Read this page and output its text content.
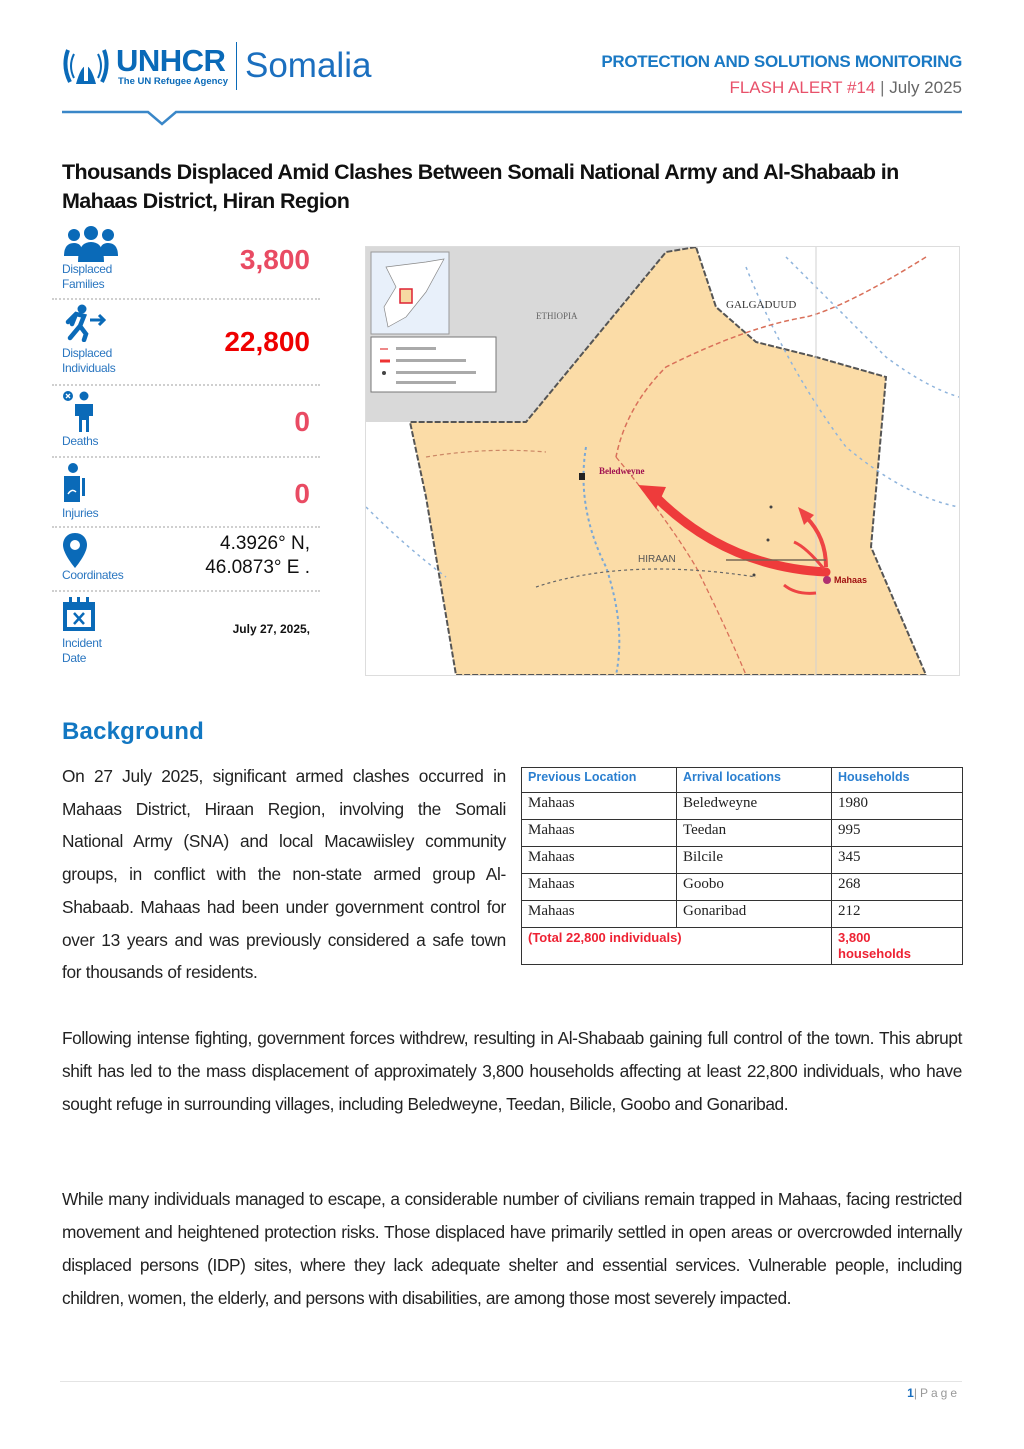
UNHCR
The UN Refugee Agency Somalia	PROTECTION AND SOLUTIONS MONITORING
FLASH ALERT #14 | July 2025
Thousands Displaced Amid Clashes Between Somali National Army and Al-Shabaab in Mahaas District, Hiran Region
Displaced
Families
3,800
Displaced
Individuals
22,800
Deaths
0
Injuries
0
Coordinates
4.3926° N,
46.0873° E .
Incident
Date
July 27, 2025,
ETHIOPIA
GALGADUUD
HIRAAN
Beledweyne
Mahaas
Background
On 27 July 2025, significant armed clashes occurred in Mahaas District, Hiraan Region, involving the Somali National Army (SNA) and local Macawiisley community groups, in conflict with the non-state armed group Al-Shabaab. Mahaas had been under government control for over 13 years and was previously considered a safe town for thousands of residents.
Previous Location	Arrival locations	Households
Mahaas	Beledweyne	1980
Mahaas	Teedan	995
Mahaas	Bilcile	345
Mahaas	Goobo	268
Mahaas	Gonaribad	212
(Total 22,800 individuals)		3,800
households
Following intense fighting, government forces withdrew, resulting in Al-Shabaab gaining full control of the town. This abrupt shift has led to the mass displacement of approximately 3,800 households affecting at least 22,800 individuals, who have sought refuge in surrounding villages, including Beledweyne, Teedan, Bilicle, Goobo and Gonaribad.
While many individuals managed to escape, a considerable number of civilians remain trapped in Mahaas, facing restricted movement and heightened protection risks. Those displaced have primarily settled in open areas or overcrowded internally displaced persons (IDP) sites, where they lack adequate shelter and essential services. Vulnerable people, including children, women, the elderly, and persons with disabilities, are among those most severely impacted.
1|Page
